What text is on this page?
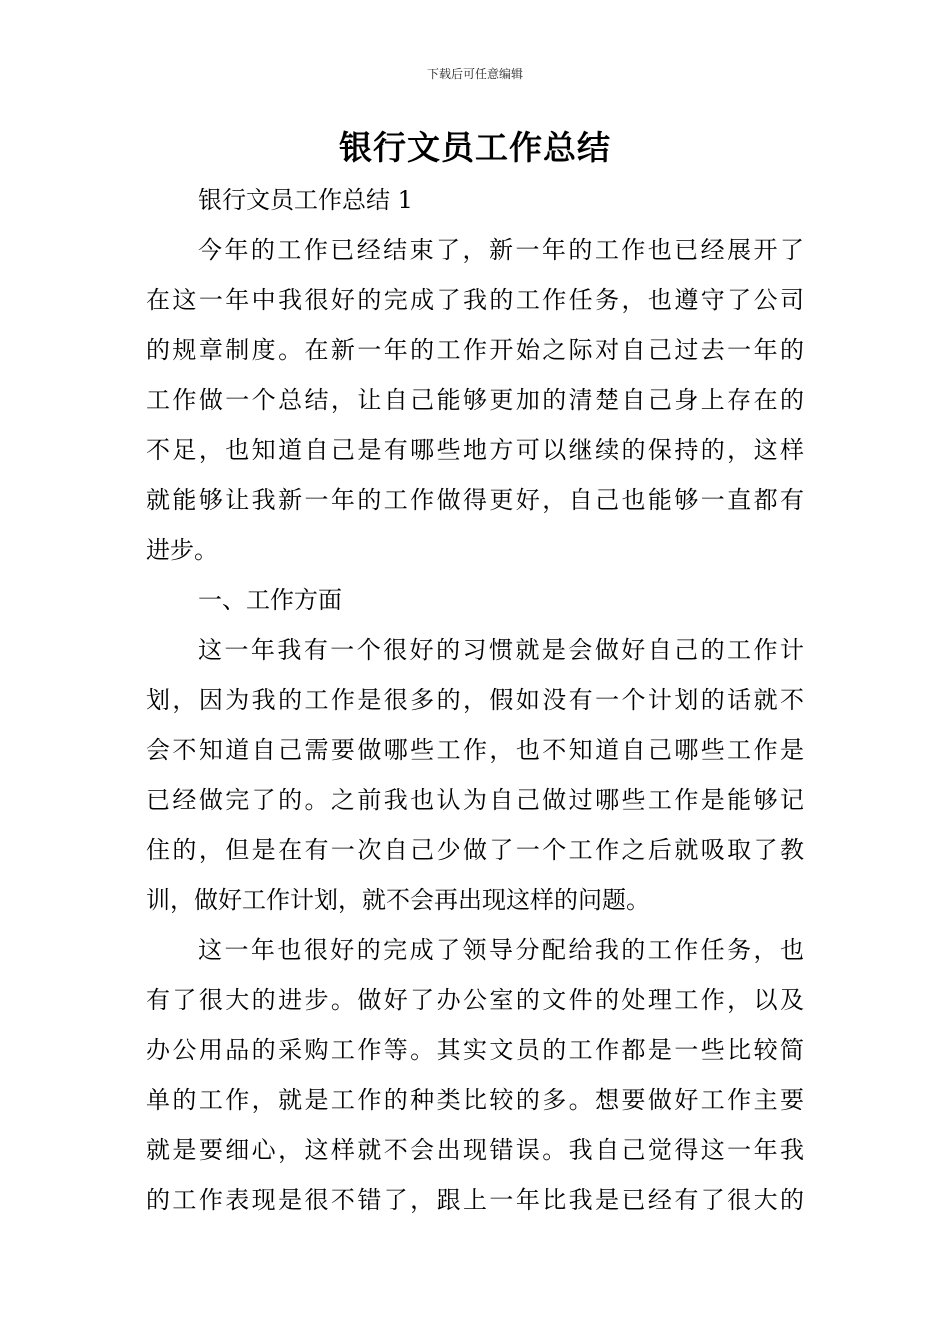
下载后可任意编辑
银行文员工作总结
银行文员工作总结 1
今年的工作已经结束了，新一年的工作也已经展开了
在这一年中我很好的完成了我的工作任务，也遵守了公司
的规章制度。在新一年的工作开始之际对自己过去一年的
工作做一个总结，让自己能够更加的清楚自己身上存在的
不足，也知道自己是有哪些地方可以继续的保持的，这样
就能够让我新一年的工作做得更好，自己也能够一直都有
进步。
一、工作方面
这一年我有一个很好的习惯就是会做好自己的工作计
划，因为我的工作是很多的，假如没有一个计划的话就不
会不知道自己需要做哪些工作，也不知道自己哪些工作是
已经做完了的。之前我也认为自己做过哪些工作是能够记
住的，但是在有一次自己少做了一个工作之后就吸取了教
训，做好工作计划，就不会再出现这样的问题。
这一年也很好的完成了领导分配给我的工作任务，也
有了很大的进步。做好了办公室的文件的处理工作，以及
办公用品的采购工作等。其实文员的工作都是一些比较简
单的工作，就是工作的种类比较的多。想要做好工作主要
就是要细心，这样就不会出现错误。我自己觉得这一年我
的工作表现是很不错了，跟上一年比我是已经有了很大的
